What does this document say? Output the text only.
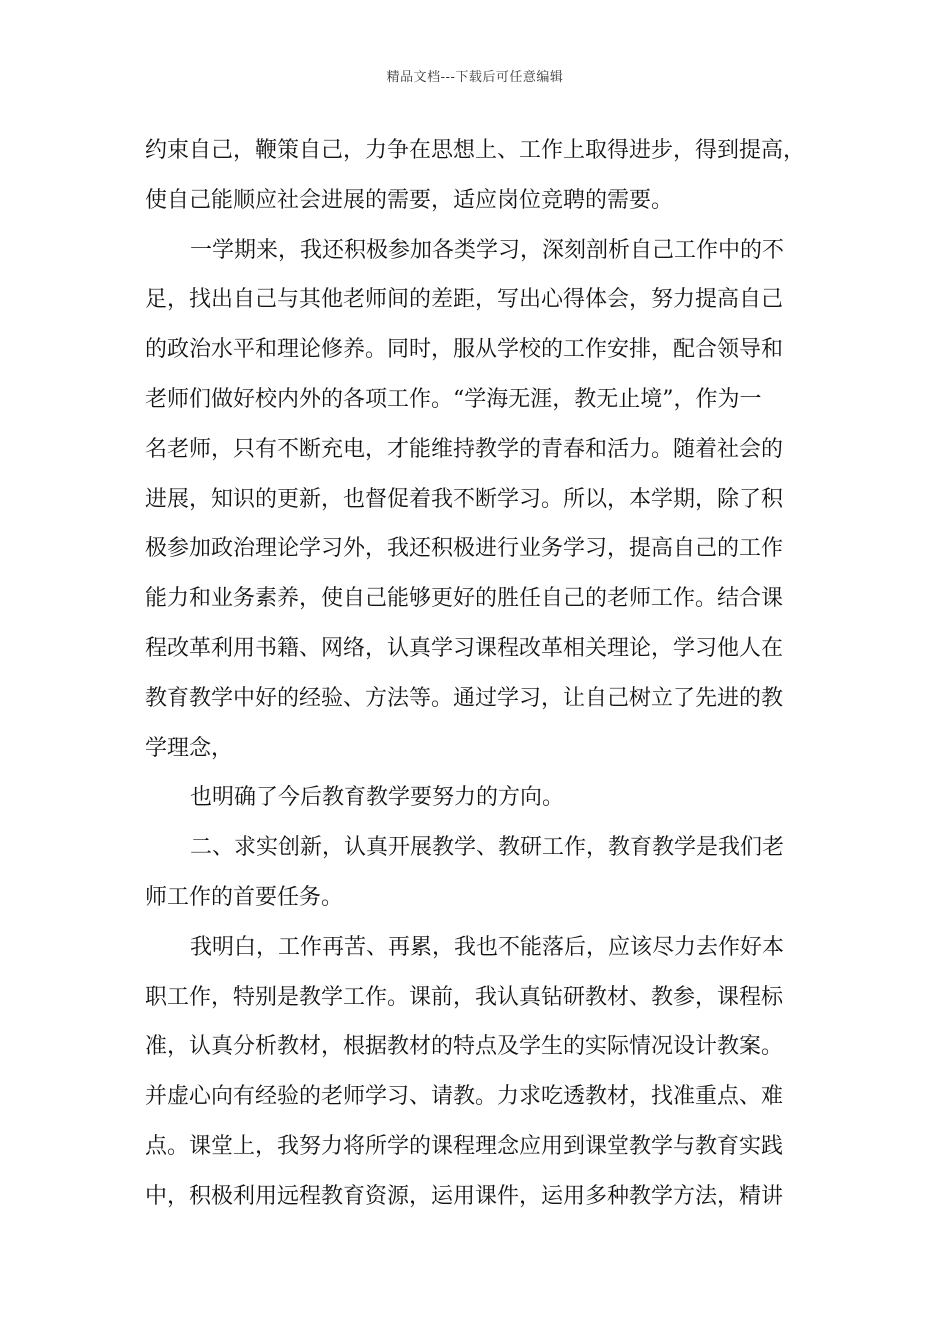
精品文档---下载后可任意编辑
约束自己，鞭策自己，力争在思想上、工作上取得进步，得到提高，
使自己能顺应社会进展的需要，适应岗位竞聘的需要。
一学期来，我还积极参加各类学习，深刻剖析自己工作中的不
足，找出自己与其他老师间的差距，写出心得体会，努力提高自己
的政治水平和理论修养。同时，服从学校的工作安排，配合领导和
老师们做好校内外的各项工作。“学海无涯，教无止境”，作为一
名老师，只有不断充电，才能维持教学的青春和活力。随着社会的
进展，知识的更新，也督促着我不断学习。所以，本学期，除了积
极参加政治理论学习外，我还积极进行业务学习，提高自己的工作
能力和业务素养，使自己能够更好的胜任自己的老师工作。结合课
程改革利用书籍、网络，认真学习课程改革相关理论，学习他人在
教育教学中好的经验、方法等。通过学习，让自己树立了先进的教
学理念，
也明确了今后教育教学要努力的方向。
二、求实创新，认真开展教学、教研工作，教育教学是我们老
师工作的首要任务。
我明白，工作再苦、再累，我也不能落后，应该尽力去作好本
职工作，特别是教学工作。课前，我认真钻研教材、教参，课程标
准，认真分析教材，根据教材的特点及学生的实际情况设计教案。
并虚心向有经验的老师学习、请教。力求吃透教材，找准重点、难
点。课堂上，我努力将所学的课程理念应用到课堂教学与教育实践
中，积极利用远程教育资源，运用课件，运用多种教学方法，精讲
